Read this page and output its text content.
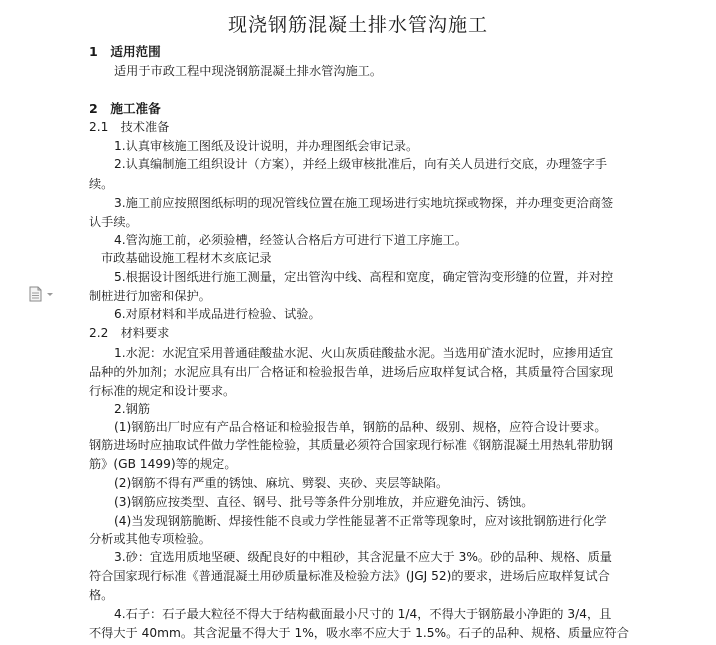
现浇钢筋混凝土排水管沟施工
1　适用范围
适用于市政工程中现浇钢筋混凝土排水管沟施工。
2　施工准备
2.1　技术准备
1.认真审核施工图纸及设计说明，并办理图纸会审记录。
2.认真编制施工组织设计（方案），并经上级审核批准后，向有关人员进行交底，办理签字手
续。
3.施工前应按照图纸标明的现况管线位置在施工现场进行实地坑探或物探，并办理变更洽商签
认手续。
4.管沟施工前，必须验槽，经签认合格后方可进行下道工序施工。
市政基础设施工程材木亥底记录
5.根据设计图纸进行施工测量，定出管沟中线、高程和宽度，确定管沟变形缝的位置，并对控
制桩进行加密和保护。
6.对原材料和半成品进行检验、试验。
2.2　材料要求
1.水泥：水泥宜采用普通硅酸盐水泥、火山灰质硅酸盐水泥。当选用矿渣水泥时，应掺用适宜
品种的外加剂；水泥应具有出厂合格证和检验报告单，进场后应取样复试合格，其质量符合国家现
行标准的规定和设计要求。
2.钢筋
(1)钢筋出厂时应有产品合格证和检验报告单，钢筋的品种、级别、规格，应符合设计要求。
钢筋进场时应抽取试件做力学性能检验，其质量必须符合国家现行标准《钢筋混凝土用热轧带肋钢
筋》(GB 1499)等的规定。
(2)钢筋不得有严重的锈蚀、麻坑、劈裂、夹砂、夹层等缺陷。
(3)钢筋应按类型、直径、钢号、批号等条件分别堆放，并应避免油污、锈蚀。
(4)当发现钢筋脆断、焊接性能不良或力学性能显著不正常等现象时，应对该批钢筋进行化学
分析或其他专项检验。
3.砂：宜选用质地坚硬、级配良好的中粗砂，其含泥量不应大于 3%。砂的品种、规格、质量
符合国家现行标准《普通混凝土用砂质量标准及检验方法》(JGJ 52)的要求，进场后应取样复试合
格。
4.石子：石子最大粒径不得大于结构截面最小尺寸的 1/4，不得大于钢筋最小净距的 3/4，且
不得大于 40mm。其含泥量不得大于 1%，吸水率不应大于 1.5%。石子的品种、规格、质量应符合
